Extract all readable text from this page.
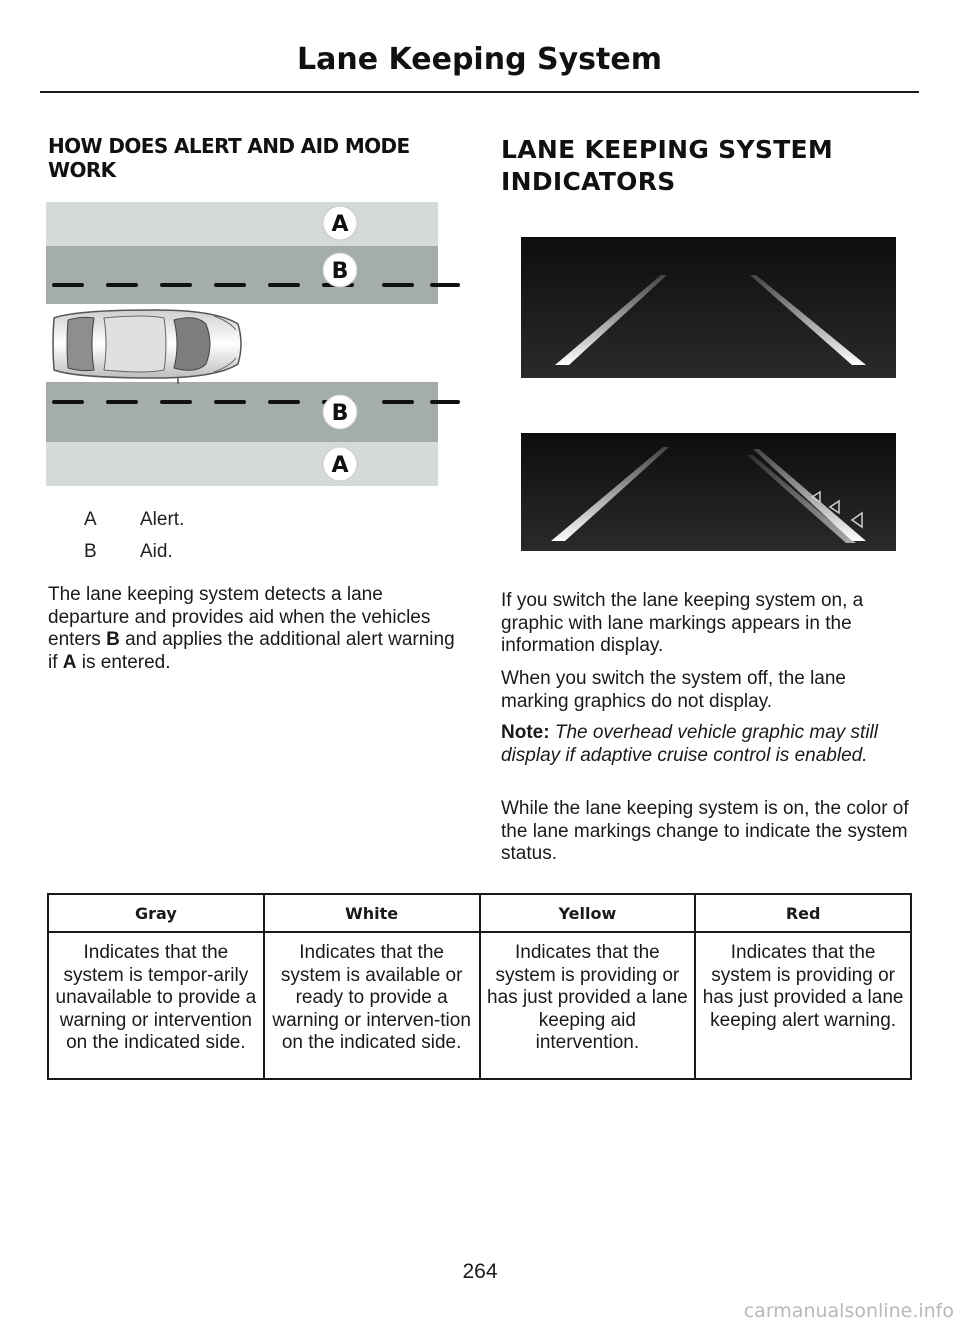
Lane Keeping System
HOW DOES ALERT AND AID MODE WORK
A
B
B
A
A	Alert.
B	Aid.
The lane keeping system detects a lane departure and provides aid when the vehicles enters B and applies the additional alert warning if A is entered.
LANE KEEPING SYSTEM INDICATORS
If you switch the lane keeping system on, a graphic with lane markings appears in the information display.
When you switch the system off, the lane marking graphics do not display.
Note: The overhead vehicle graphic may still display if adaptive cruise control is enabled.
While the lane keeping system is on, the color of the lane markings change to indicate the system status.
Gray	White	Yellow	Red
Indicates that the system is tempor-arily unavailable to provide a warning or intervention on the indicated side.	Indicates that the system is available or ready to provide a warning or interven-tion on the indicated side.	Indicates that the system is providing or has just provided a lane keeping aid intervention.	Indicates that the system is providing or has just provided a lane keeping alert warning.
264
carmanualsonline.info
